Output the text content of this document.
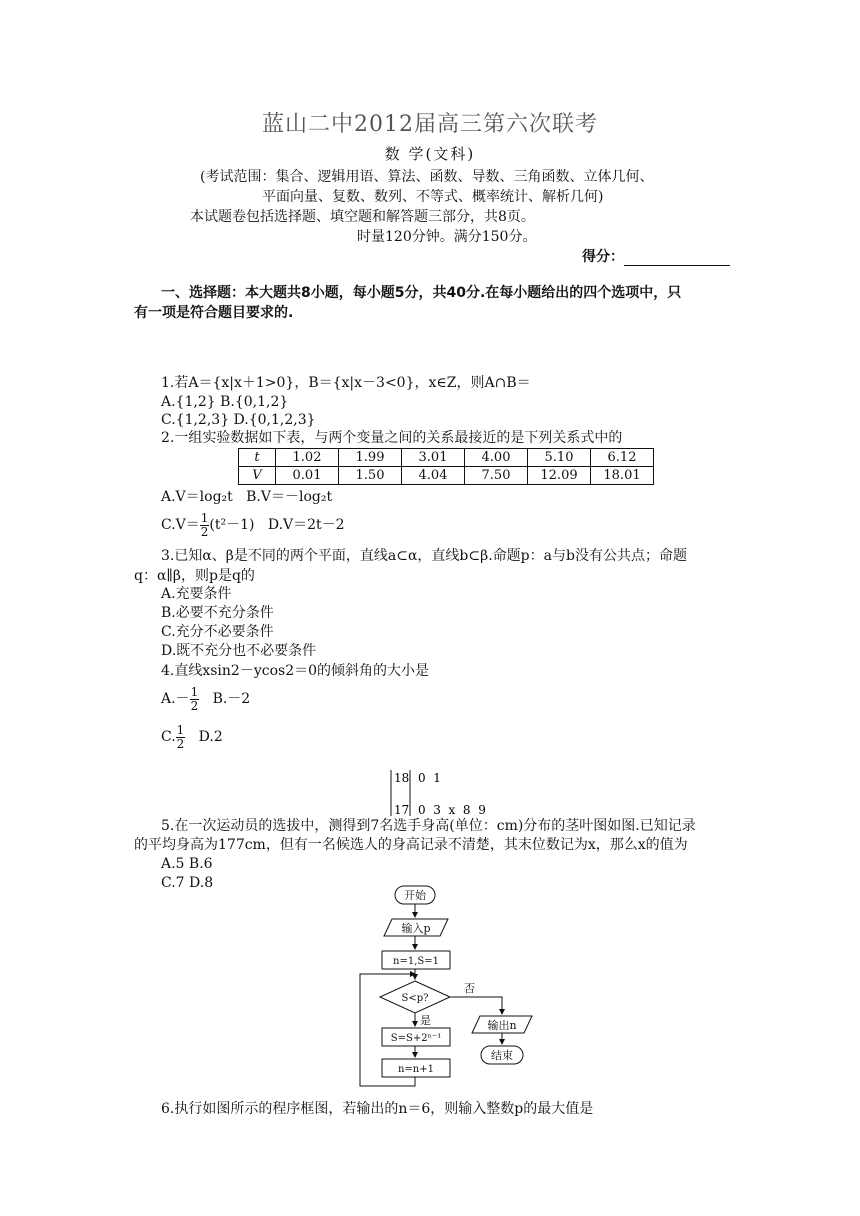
蓝山二中2012届高三第六次联考
数 学(文科)
(考试范围：集合、逻辑用语、算法、函数、导数、三角函数、立体几何、
平面向量、复数、数列、不等式、概率统计、解析几何)
本试题卷包括选择题、填空题和解答题三部分，共8页。
时量120分钟。满分150分。
得分：
一、选择题：本大题共8小题，每小题5分，共40分.在每小题给出的四个选项中，只
有一项是符合题目要求的.
1.若A＝{x|x＋1>0}，B＝{x|x－3<0}，x∈Z，则A∩B＝
A.{1,2} B.{0,1,2}
C.{1,2,3} D.{0,1,2,3}
2.一组实验数据如下表，与两个变量之间的关系最接近的是下列关系式中的
t	1.02	1.99	3.01	4.00	5.10	6.12
V	0.01	1.50	4.04	7.50	12.09	18.01
A.V＝log₂t B.V＝－log₂t
$C.V= \frac{1}{2} (t^2-1)$ D.V＝2t－2
3.已知α、β是不同的两个平面，直线a⊂α，直线b⊂β.命题p：a与b没有公共点；命题
q：α∥β，则p是q的
A.充要条件
B.必要不充分条件
C.充分不必要条件
D.既不充分也不必要条件
4.直线xsin2－ycos2＝0的倾斜角的大小是
$A.- \frac{1}{2} B.-2$
C. $\frac{1}{2} D.2$
18 0  1
17 0  3  x  8  9
5.在一次运动员的选拔中，测得到7名选手身高(单位：cm)分布的茎叶图如图.已知记录
的平均身高为177cm，但有一名候选人的身高记录不清楚，其末位数记为x，那么x的值为
A.5 B.6
C.7 D.8
开始
输入p
n=1,S=1
S<p?
否
是
S=S+2ⁿ⁻¹
n=n+1
输出n
结束
6.执行如图所示的程序框图，若输出的n＝6，则输入整数p的最大值是
